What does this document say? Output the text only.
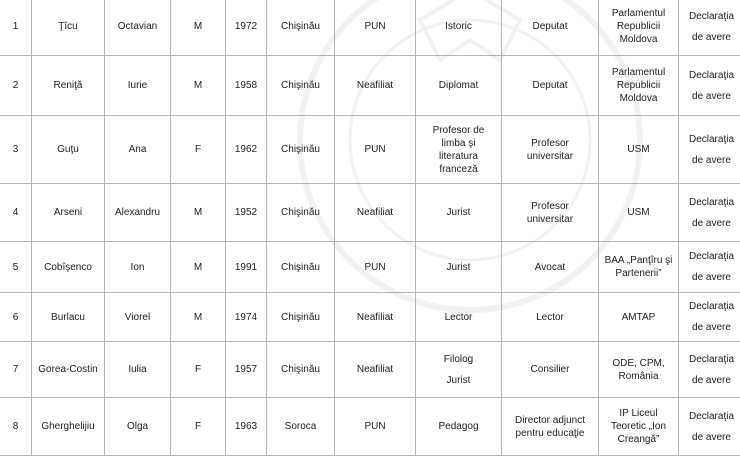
1	Ţîcu	Octavian	M	1972	Chişinău	PUN	Istoric	Deputat	Parlamentul
Republicii
Moldova	Declaraţia
de avere

2	Reniţă	Iurie	M	1958	Chişinău	Neafiliat	Diplomat	Deputat	Parlamentul
Republicii
Moldova	Declaraţia
de avere

3	Guţu	Ana	F	1962	Chişinău	PUN	Profesor de
limba şi
literatura
franceză	Profesor
universitar	USM	Declaraţia
de avere

4	Arseni	Alexandru	M	1952	Chişinău	Neafiliat	Jurist	Profesor
universitar	USM	Declaraţia
de avere

5	Cobîşenco	Ion	M	1991	Chişinău	PUN	Jurist	Avocat	BAA „Panţîru şi
Partenerii”	Declaraţia
de avere

6	Burlacu	Viorel	M	1974	Chişinău	Neafiliat	Lector	Lector	AMTAP	Declaraţia
de avere

7	Gorea-Costin	Iulia	F	1957	Chişinău	Neafiliat	Filolog
Jurist	Consilier	ODE, CPM,
România	Declaraţia
de avere

8	Gherghelijiu	Olga	F	1963	Soroca	PUN	Pedagog	Director adjunct
pentru educaţie	IP Liceul
Teoretic „Ion
Creangă”	Declaraţia
de avere
